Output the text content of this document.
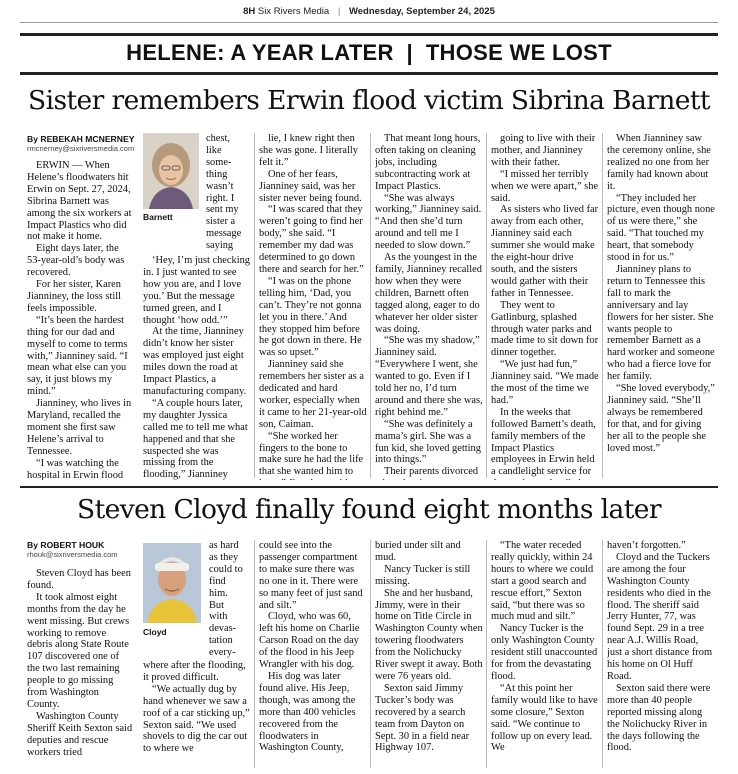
8H Six Rivers Media | Wednesday, September 24, 2025
HELENE: A YEAR LATER  |  THOSE WE LOST
Sister remembers Erwin flood victim Sibrina Barnett
By REBEKAH MCNERNEY
rmcnerney@sixriversmedia.com

ERWIN — When Helene’s floodwaters hit Erwin on Sept. 27, 2024, Sibrina Barnett was among the six workers at Impact Plastics who did not make it home.

Eight days later, the 53-year-old’s body was recovered.

For her sister, Karen Jianniney, the loss still feels impossible.

“It’s been the hardest thing for our dad and myself to come to terms with,” Jianniney said. “I mean what else can you say, it just blows my mind.”

Jianniney, who lives in Maryland, recalled the moment she first saw Helene’s arrival to Tennessee.

“I was watching the hospital in Erwin flood

Barnett
chest,
like
some-
thing
wasn’t
right. I
sent my
sister a
message
saying

‘Hey, I’m just checking in. I just wanted to see how you are, and I love you.’ But the message turned green, and I thought ‘how odd.’”

At the time, Jianniney didn’t know her sister was employed just eight miles down the road at Impact Plastics, a manufacturing company.

“A couple hours later, my daughter Jyssica called me to tell me what happened and that she suspected she was missing from the flooding,” Jianniney

lie, I knew right then she was gone. I literally felt it.”

One of her fears, Jianniney said, was her sister never being found.

“I was scared that they weren’t going to find her body,” she said. “I remember my dad was determined to go down there and search for her.”

“I was on the phone telling him, ‘Dad, you can’t. They’re not gonna let you in there.’ And they stopped him before he got down in there. He was so upset.”

Jianniney said she remembers her sister as a dedicated and hard worker, especially when it came to her 21-year-old son, Caiman.

“She worked her fingers to the bone to make sure he had the life that she wanted him to

That meant long hours, often taking on cleaning jobs, including subcontracting work at Impact Plastics.

“She was always working,” Jianniney said. “And then she’d turn around and tell me I needed to slow down.”

As the youngest in the family, Jianniney recalled how when they were children, Barnett often tagged along, eager to do whatever her older sister was doing.

“She was my shadow,” Jianniney said. “Everywhere I went, she wanted to go. Even if I told her no, I’d turn around and there she was, right behind me.”

“She was definitely a mama’s girl. She was a fun kid, she loved getting into things.”

Their parents divorced

going to live with their mother, and Jianniney with their father.

“I missed her terribly when we were apart,” she said.

As sisters who lived far away from each other, Jianniney said each summer she would make the eight-hour drive south, and the sisters would gather with their father in Tennessee.

They went to Gatlinburg, splashed through water parks and made time to sit down for dinner together.

“We just had fun,” Jianniney said. “We made the most of the time we had.”

In the weeks that followed Barnett’s death, family members of the Impact Plastics employees in Erwin held a candlelight service for

When Jianniney saw the ceremony online, she realized no one from her family had known about it.

“They included her picture, even though none of us were there,” she said. “That touched my heart, that somebody stood in for us.”

Jianniney plans to return to Tennessee this fall to mark the anniversary and lay flowers for her sister. She wants people to remember Barnett as a hard worker and someone who had a fierce love for her family.

“She loved everybody,” Jianniney said. “She’ll always be remembered for that, and for giving her all to the people she loved most.”

Steven Cloyd finally found eight months later
By ROBERT HOUK
rhouk@sixriversmedia.com

Steven Cloyd has been found.

It took almost eight months from the day he went missing. But crews working to remove debris along State Route 107 discovered one of the two last remaining people to go missing from Washington County.

Washington County Sheriff Keith Sexton said deputies and rescue workers tried

Cloyd
as hard
as they
could to
find
him.
But
with
devas-
tation
every-

where after the flooding, it proved difficult.

“We actually dug by hand whenever we saw a roof of a car sticking up,” Sexton said. “We used shovels to dig the car out to where we

could see into the passenger compartment to make sure there was no one in it. There were so many feet of just sand and silt.”

Cloyd, who was 60, left his home on Charlie Carson Road on the day of the flood in his Jeep Wrangler with his dog.

His dog was later found alive. His Jeep, though, was among the more than 400 vehicles recovered from the floodwaters in Washington County,

buried under silt and mud.

Nancy Tucker is still missing.

She and her husband, Jimmy, were in their home on Title Circle in Washington County when towering floodwaters from the Nolichucky River swept it away. Both were 76 years old.

Sexton said Jimmy Tucker’s body was recovered by a search team from Dayton on Sept. 30 in a field near Highway 107.

“The water receded really quickly, within 24 hours to where we could start a good search and rescue effort,” Sexton said, “but there was so much mud and silt.”

Nancy Tucker is the only Washington County resident still unaccounted for from the devastating flood.

“At this point her family would like to have some closure,” Sexton said. “We continue to follow up on every lead. We

haven’t forgotten.”

Cloyd and the Tuckers are among the four Washington County residents who died in the flood. The sheriff said Jerry Hunter, 77, was found Sept. 29 in a tree near A.J. Willis Road, just a short distance from his home on Ol Huff Road.

Sexton said there were more than 40 people reported missing along the Nolichucky River in the days following the flood.
